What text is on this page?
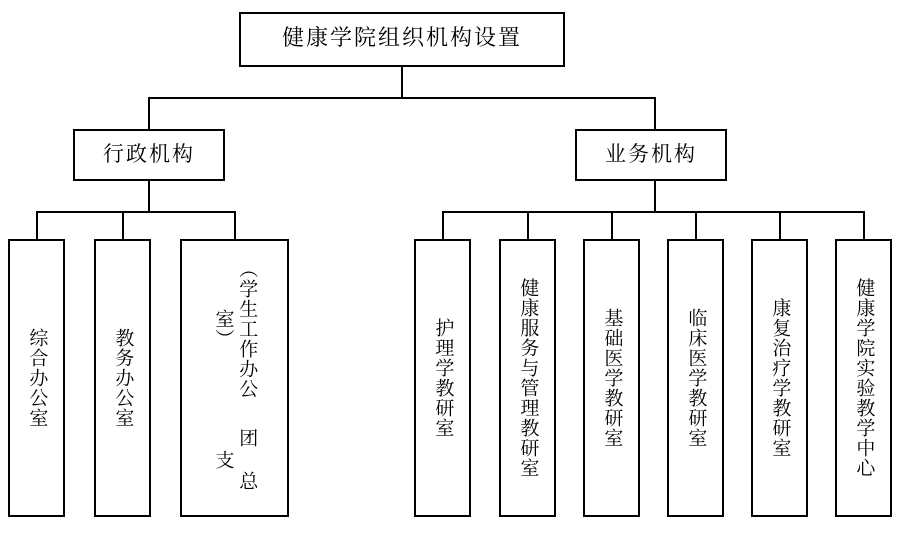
健康学院组织机构设置
行政机构	业务机构
综合办公室	教务办公室
团 总 支
（学生工作办公室）	护理学教研室	健康服务与管理教研室	基础医学教研室	临床医学教研室	康复治疗学教研室	健康学院实验教学中心
